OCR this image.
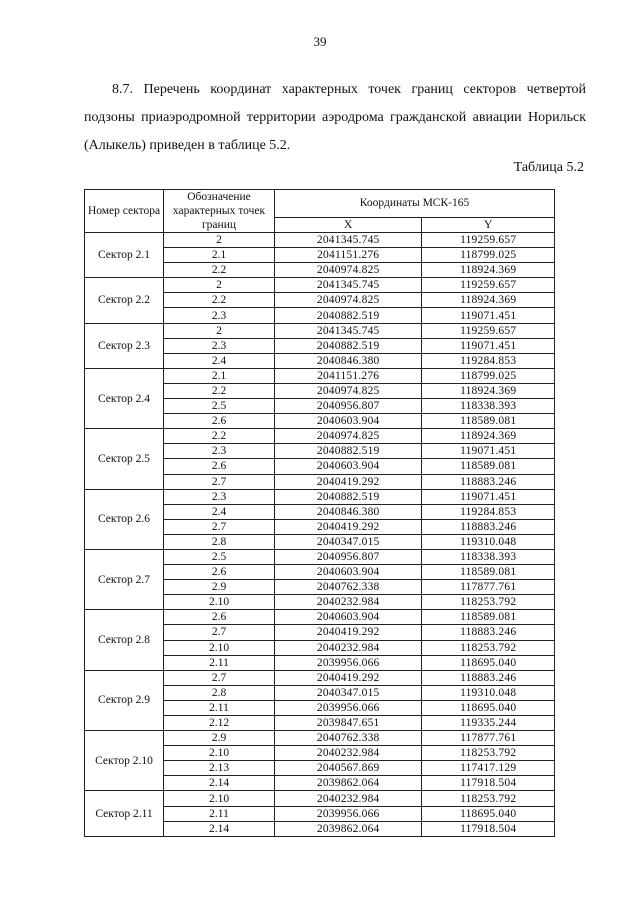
39
8.7. Перечень координат характерных точек границ секторов четвертой
подзоны приаэродромной территории аэродрома гражданской авиации Норильск
(Алыкель) приведен в таблице 5.2.
Таблица 5.2
Номер сектора	Обозначение характерных точек границ	Координаты МСК-165	
		X	Y
Сектор 2.1	2	2041345.745	119259.657
	2.1	2041151.276	118799.025
	2.2	2040974.825	118924.369
Сектор 2.2	2	2041345.745	119259.657
	2.2	2040974.825	118924.369
	2.3	2040882.519	119071.451
Сектор 2.3	2	2041345.745	119259.657
	2.3	2040882.519	119071.451
	2.4	2040846.380	119284.853
Сектор 2.4	2.1	2041151.276	118799.025
	2.2	2040974.825	118924.369
	2.5	2040956.807	118338.393
	2.6	2040603.904	118589.081
Сектор 2.5	2.2	2040974.825	118924.369
	2.3	2040882.519	119071.451
	2.6	2040603.904	118589.081
	2.7	2040419.292	118883.246
Сектор 2.6	2.3	2040882.519	119071.451
	2.4	2040846.380	119284.853
	2.7	2040419.292	118883.246
	2.8	2040347.015	119310.048
Сектор 2.7	2.5	2040956.807	118338.393
	2.6	2040603.904	118589.081
	2.9	2040762.338	117877.761
	2.10	2040232.984	118253.792
Сектор 2.8	2.6	2040603.904	118589.081
	2.7	2040419.292	118883.246
	2.10	2040232.984	118253.792
	2.11	2039956.066	118695.040
Сектор 2.9	2.7	2040419.292	118883.246
	2.8	2040347.015	119310.048
	2.11	2039956.066	118695.040
	2.12	2039847.651	119335.244
Сектор 2.10	2.9	2040762.338	117877.761
	2.10	2040232.984	118253.792
	2.13	2040567.869	117417.129
	2.14	2039862.064	117918.504
Сектор 2.11	2.10	2040232.984	118253.792
	2.11	2039956.066	118695.040
	2.14	2039862.064	117918.504
